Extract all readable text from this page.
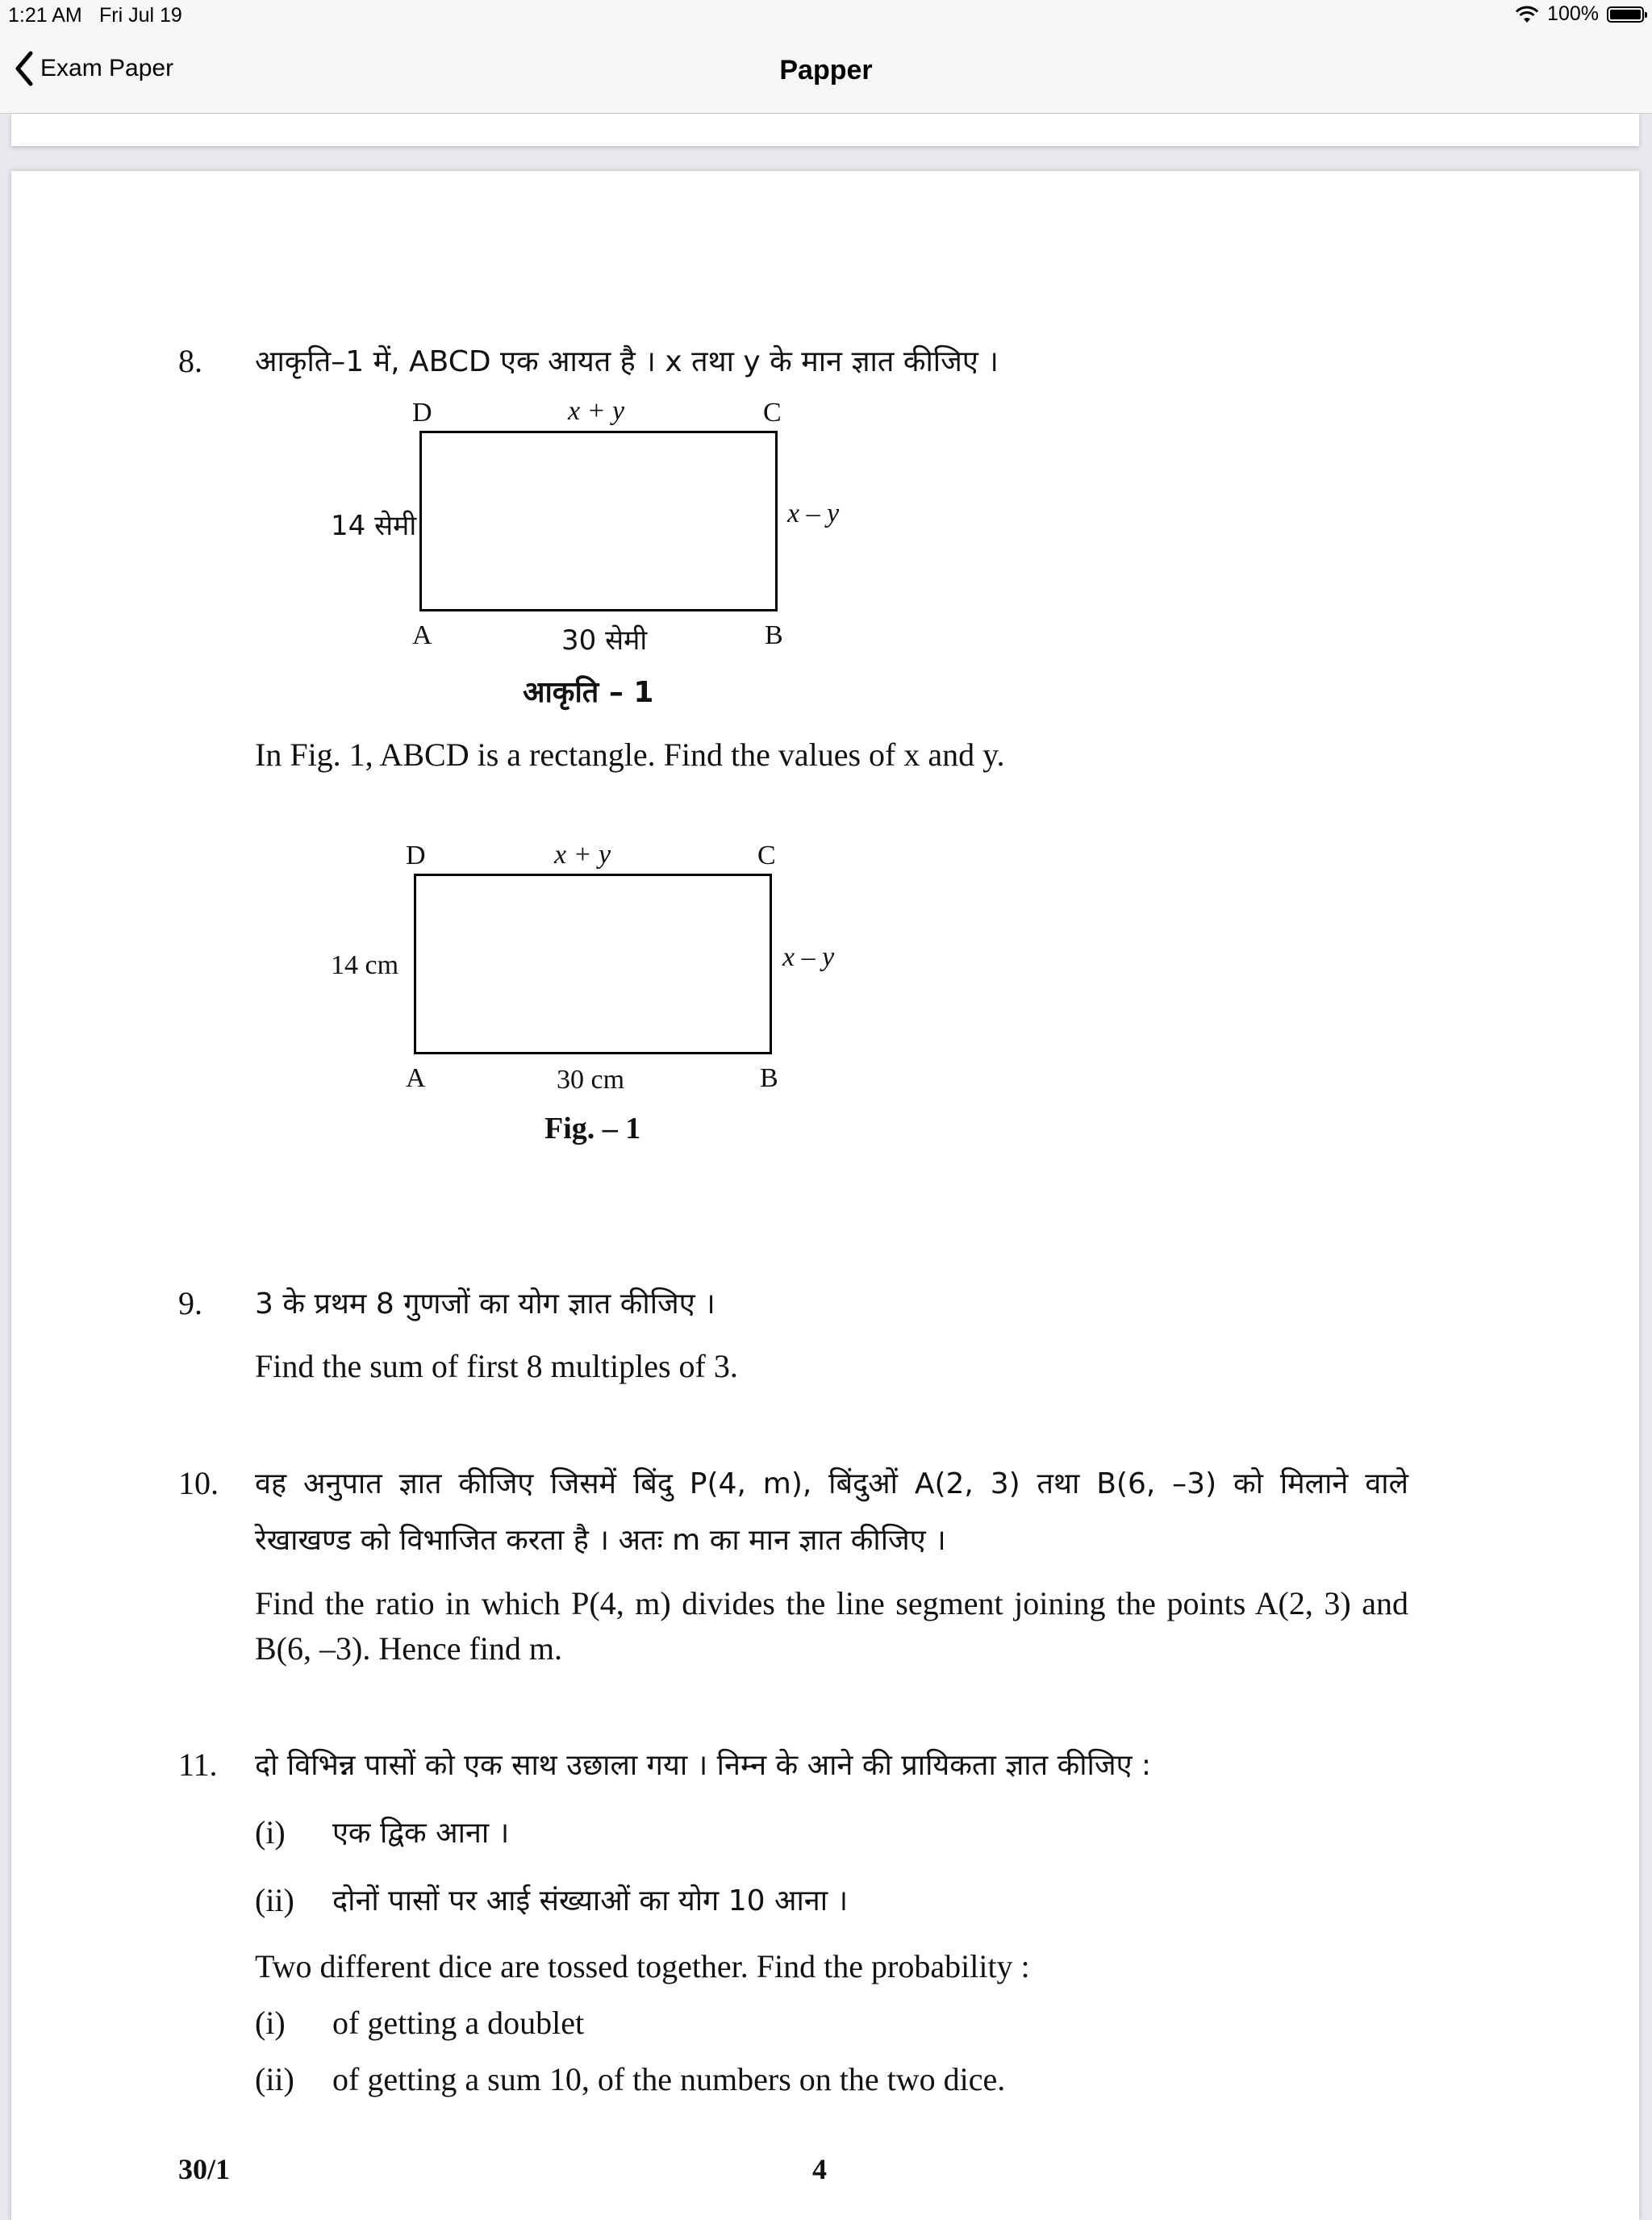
1:21 AM Fri Jul 19	100%
Exam Paper	Papper
8. आकृति–1 में, ABCD एक आयत है । x तथा y के मान ज्ञात कीजिए ।
D	x + y	C
14 सेमी	x – y
A	30 सेमी	B
आकृति – 1
In Fig. 1, ABCD is a rectangle. Find the values of x and y.
D	x + y	C
14 cm	x – y
A	30 cm	B
Fig. – 1
9. 3 के प्रथम 8 गुणजों का योग ज्ञात कीजिए ।
Find the sum of first 8 multiples of 3.
10. वह अनुपात ज्ञात कीजिए जिसमें बिंदु P(4, m), बिंदुओं A(2, 3) तथा B(6, –3) को मिलाने वाले
रेखाखण्ड को विभाजित करता है । अतः m का मान ज्ञात कीजिए ।
Find the ratio in which P(4, m) divides the line segment joining the points A(2, 3) and
B(6, –3). Hence find m.
11. दो विभिन्न पासों को एक साथ उछाला गया । निम्न के आने की प्रायिकता ज्ञात कीजिए :
(i) एक द्विक आना ।
(ii) दोनों पासों पर आई संख्याओं का योग 10 आना ।
Two different dice are tossed together. Find the probability :
(i) of getting a doublet
(ii) of getting a sum 10, of the numbers on the two dice.
30/1	4
